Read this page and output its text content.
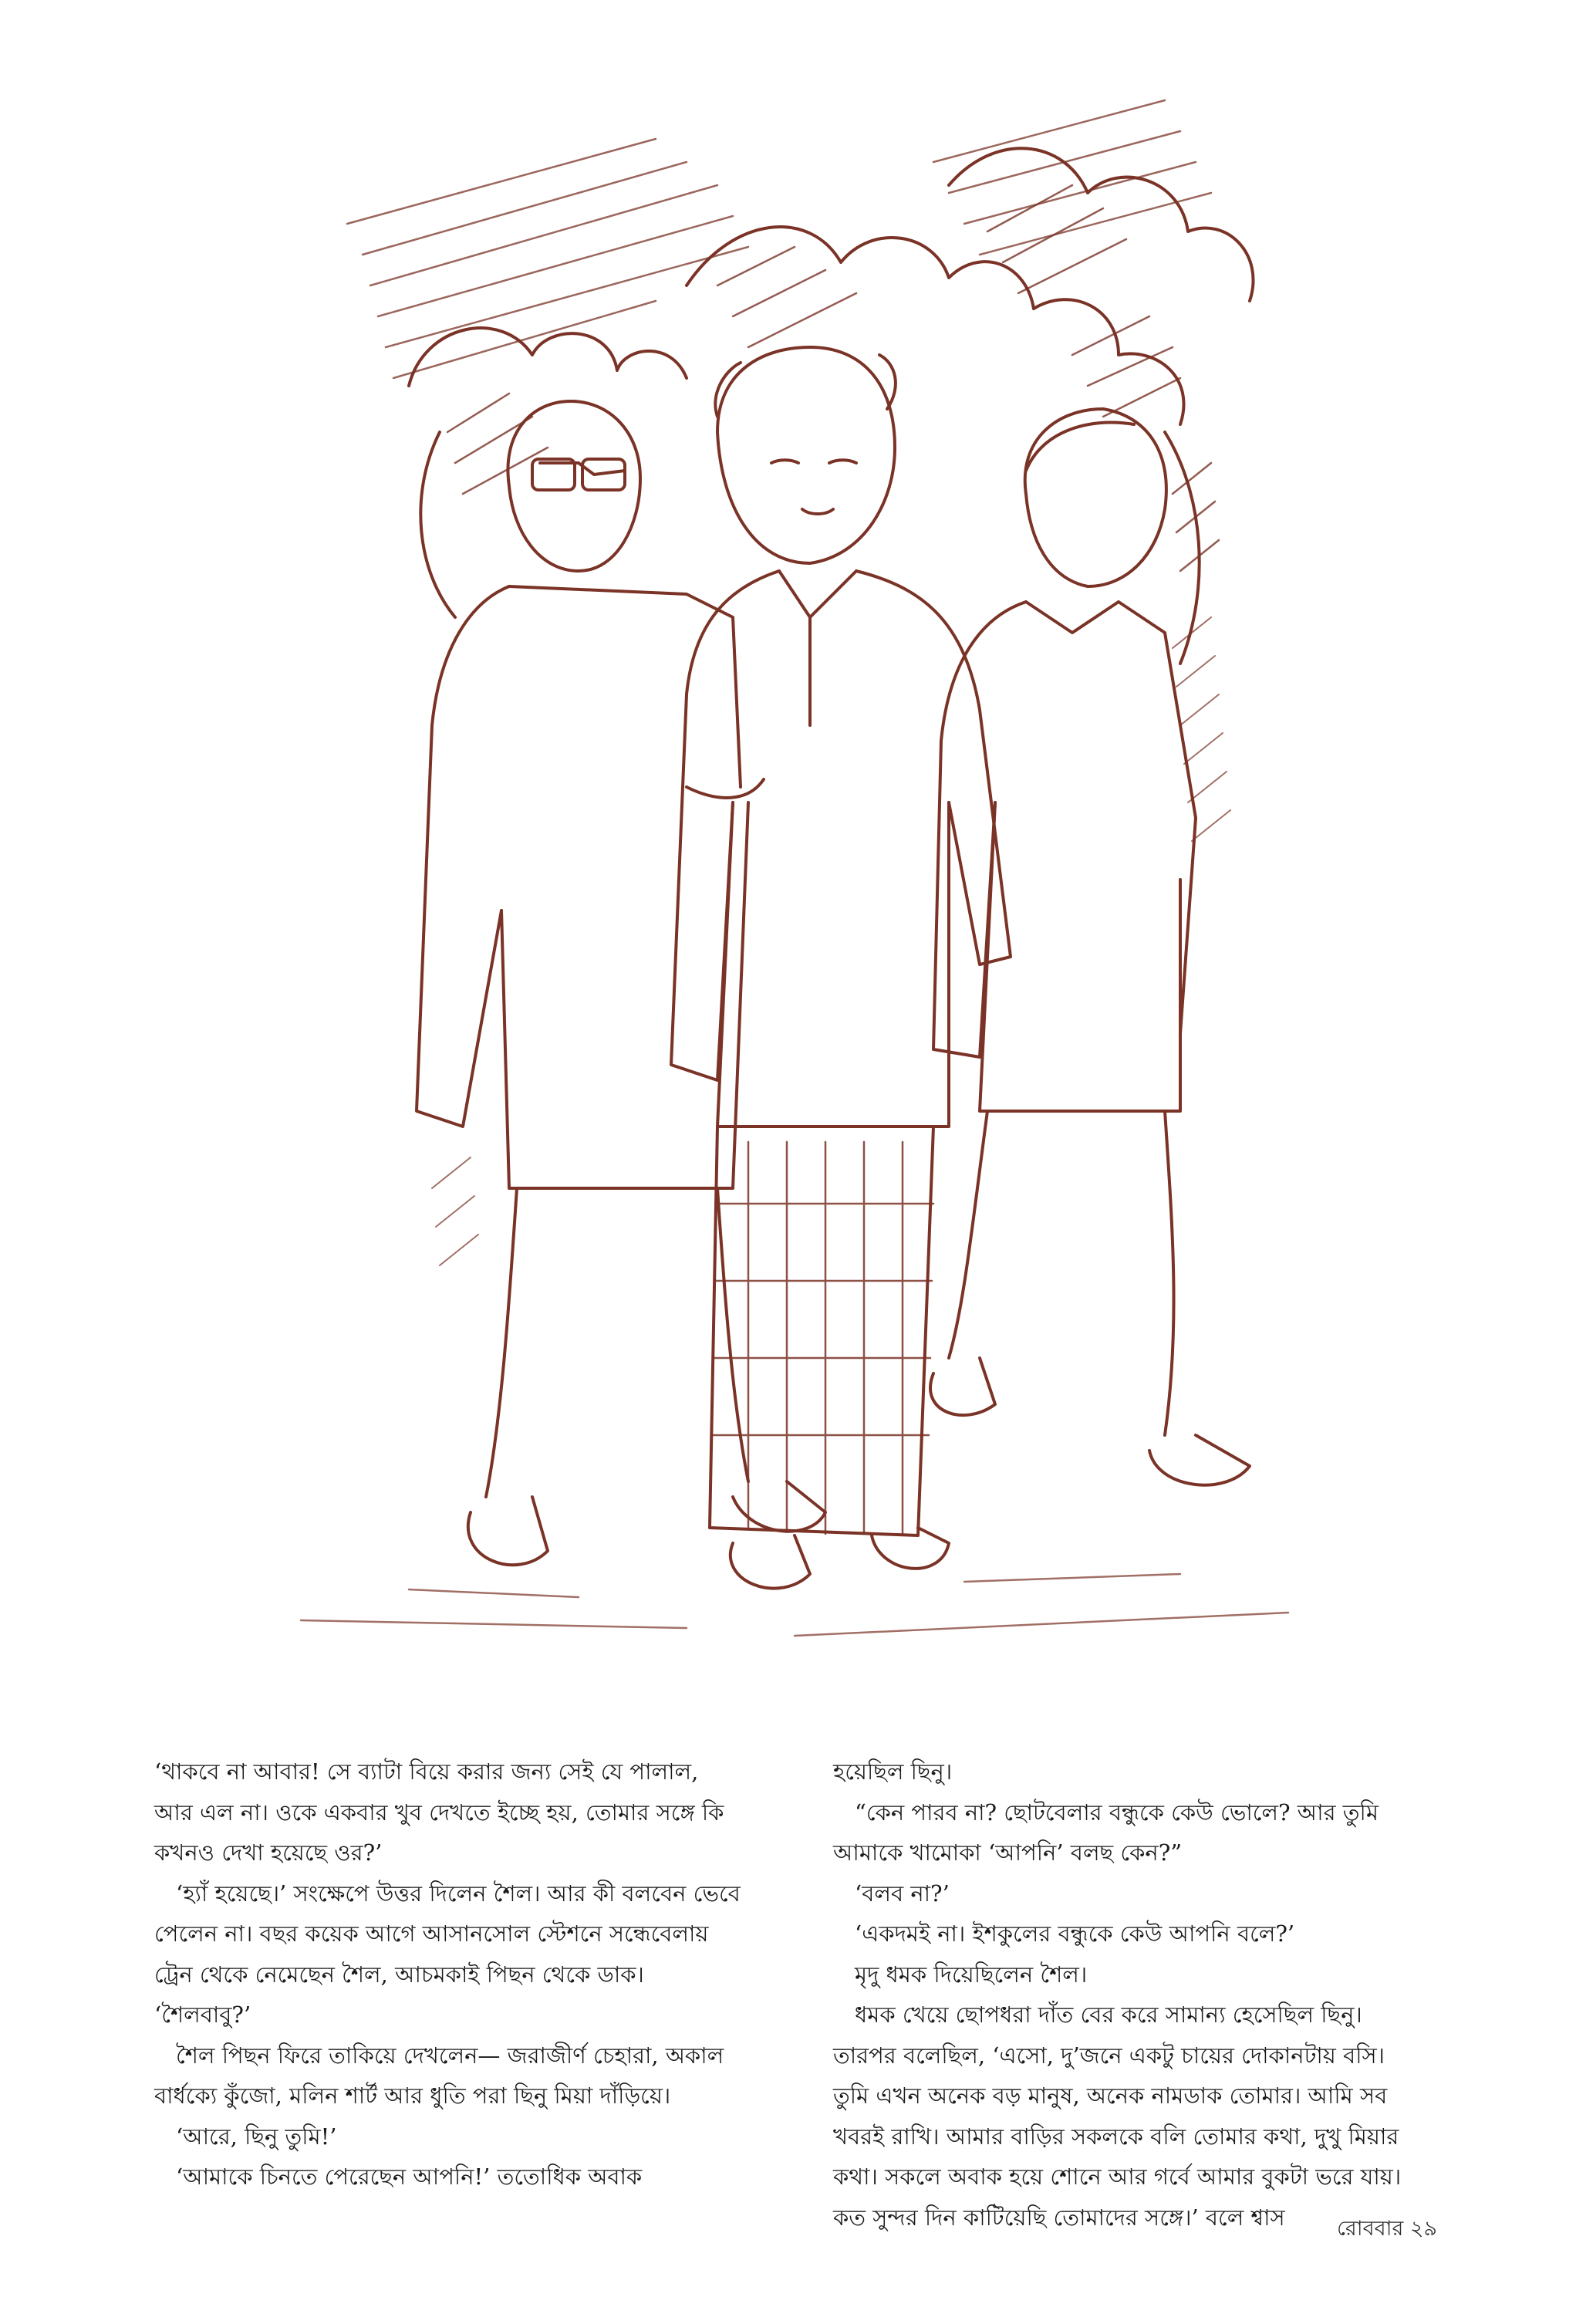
‘থাকবে না আবার! সে ব্যাটা বিয়ে করার জন্য সেই যে পালাল, আর এল না। ওকে একবার খুব দেখতে ইচ্ছে হয়, তোমার সঙ্গে কি কখনও দেখা হয়েছে ওর?’

‘হ্যাঁ হয়েছে।’ সংক্ষেপে উত্তর দিলেন শৈল। আর কী বলবেন ভেবে পেলেন না। বছর কয়েক আগে আসানসোল স্টেশনে সন্ধেবেলায় ট্রেন থেকে নেমেছেন শৈল, আচমকাই পিছন থেকে ডাক। ‘শৈলবাবু?’

শৈল পিছন ফিরে তাকিয়ে দেখলেন— জরাজীর্ণ চেহারা, অকাল বার্ধক্যে কুঁজো, মলিন শার্ট আর ধুতি পরা ছিনু মিয়া দাঁড়িয়ে।

‘আরে, ছিনু তুমি!’

‘আমাকে চিনতে পেরেছেন আপনি!’ ততোধিক অবাক

হয়েছিল ছিনু।

“কেন পারব না? ছোটবেলার বন্ধুকে কেউ ভোলে? আর তুমি আমাকে খামোকা ‘আপনি’ বলছ কেন?”

‘বলব না?’

‘একদমই না। ইশকুলের বন্ধুকে কেউ আপনি বলে?’

মৃদু ধমক দিয়েছিলেন শৈল।

ধমক খেয়ে ছোপধরা দাঁত বের করে সামান্য হেসেছিল ছিনু। তারপর বলেছিল, ‘এসো, দু’জনে একটু চায়ের দোকানটায় বসি। তুমি এখন অনেক বড় মানুষ, অনেক নামডাক তোমার। আমি সব খবরই রাখি। আমার বাড়ির সকলকে বলি তোমার কথা, দুখু মিয়ার কথা। সকলে অবাক হয়ে শোনে আর গর্বে আমার বুকটা ভরে যায়। কত সুন্দর দিন কাটিয়েছি তোমাদের সঙ্গে।’ বলে শ্বাস	রোববার ২৯
